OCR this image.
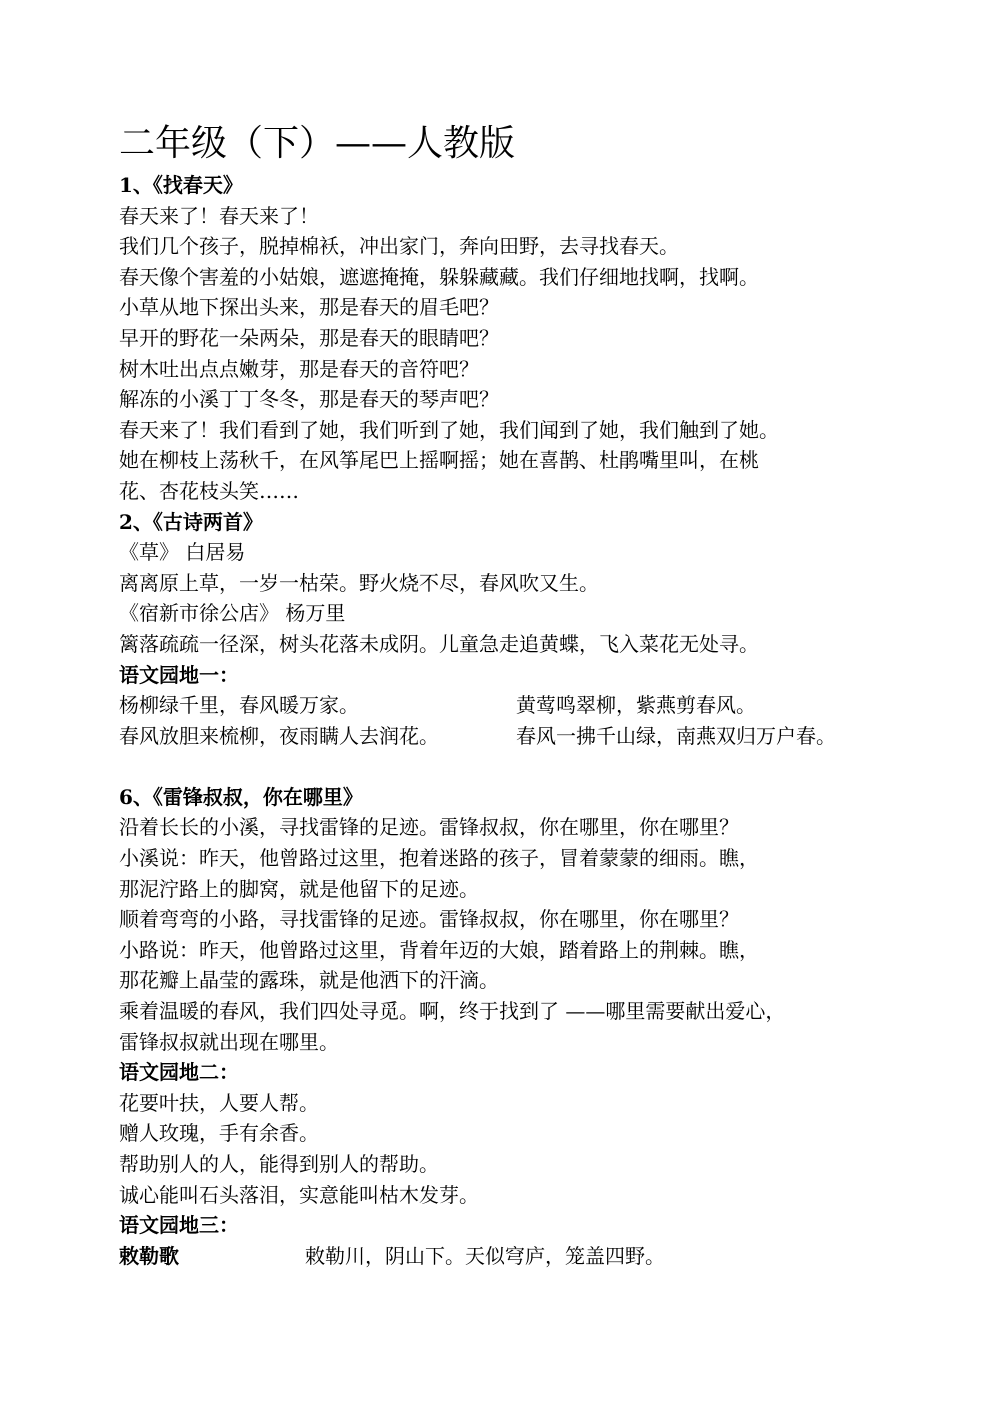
二年级（下）——人教版
1、《找春天》
春天来了！春天来了！
我们几个孩子，脱掉棉袄，冲出家门，奔向田野，去寻找春天。
春天像个害羞的小姑娘，遮遮掩掩，躲躲藏藏。我们仔细地找啊，找啊。
小草从地下探出头来，那是春天的眉毛吧？
早开的野花一朵两朵，那是春天的眼睛吧？
树木吐出点点嫩芽，那是春天的音符吧？
解冻的小溪丁丁冬冬，那是春天的琴声吧？
春天来了！我们看到了她，我们听到了她，我们闻到了她，我们触到了她。
她在柳枝上荡秋千，在风筝尾巴上摇啊摇；她在喜鹊、杜鹃嘴里叫，在桃
花、杏花枝头笑……
2、《古诗两首》
《草》 白居易
离离原上草，一岁一枯荣。野火烧不尽，春风吹又生。
《宿新市徐公店》 杨万里
篱落疏疏一径深，树头花落未成阴。儿童急走追黄蝶，飞入菜花无处寻。
语文园地一：
杨柳绿千里，春风暖万家。	黄莺鸣翠柳，紫燕剪春风。
春风放胆来梳柳，夜雨瞒人去润花。	春风一拂千山绿，南燕双归万户春。
6、《雷锋叔叔，你在哪里》
沿着长长的小溪，寻找雷锋的足迹。雷锋叔叔，你在哪里，你在哪里？
小溪说：昨天，他曾路过这里，抱着迷路的孩子，冒着蒙蒙的细雨。瞧，
那泥泞路上的脚窝，就是他留下的足迹。
顺着弯弯的小路，寻找雷锋的足迹。雷锋叔叔，你在哪里，你在哪里？
小路说：昨天，他曾路过这里，背着年迈的大娘，踏着路上的荆棘。瞧，
那花瓣上晶莹的露珠，就是他洒下的汗滴。
乘着温暖的春风，我们四处寻觅。啊，终于找到了 ——哪里需要献出爱心，
雷锋叔叔就出现在哪里。
语文园地二：
花要叶扶，人要人帮。
赠人玫瑰，手有余香。
帮助别人的人，能得到别人的帮助。
诚心能叫石头落泪，实意能叫枯木发芽。
语文园地三：
敕勒歌	敕勒川，阴山下。天似穹庐，笼盖四野。
